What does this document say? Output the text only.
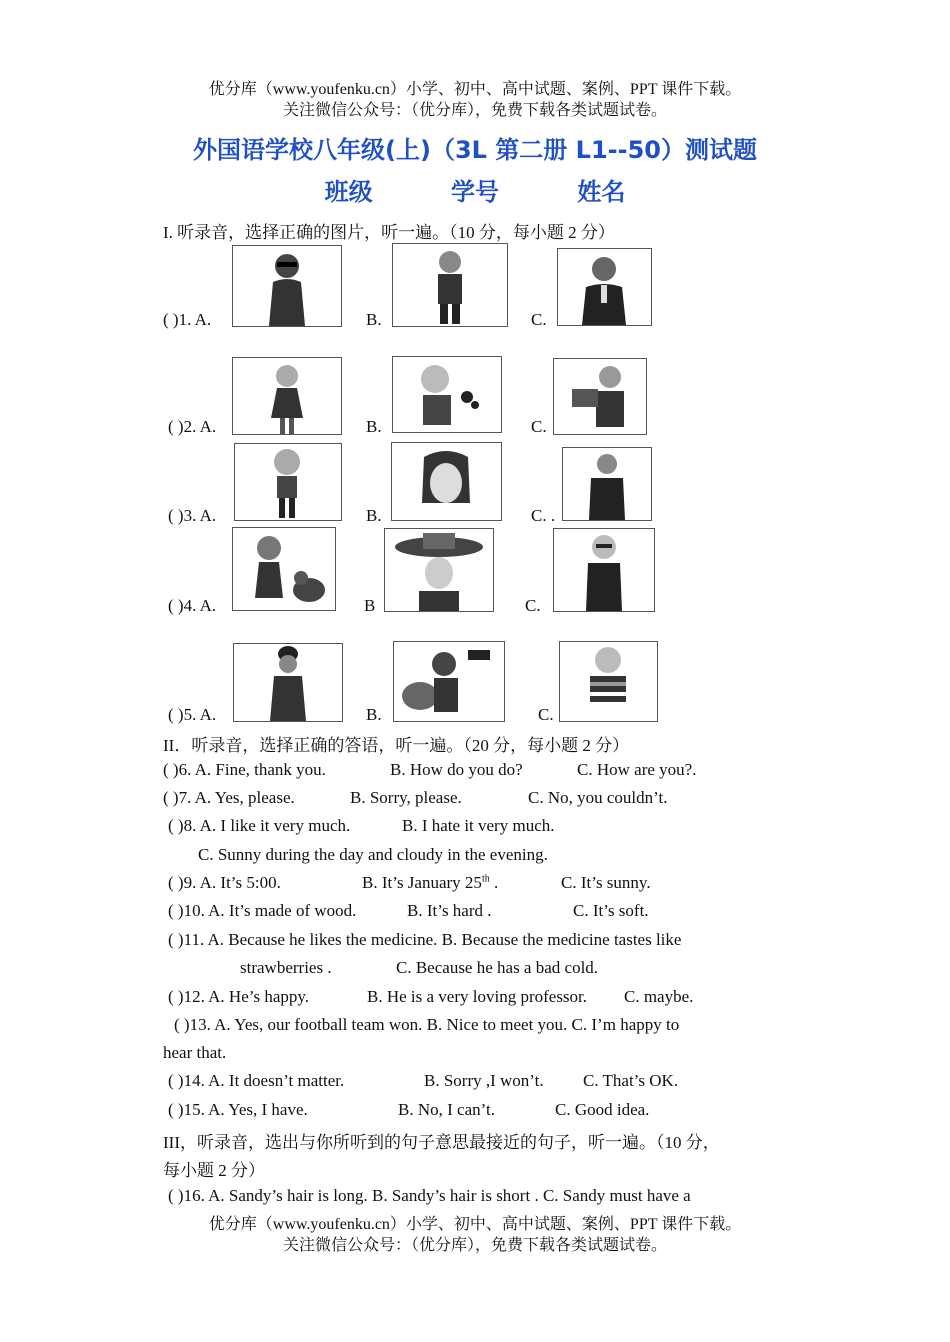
优分库（www.youfenku.cn）小学、初中、高中试题、案例、PPT 课件下载。
关注微信公众号：（优分库），免费下载各类试题试卷。
外国语学校八年级(上)（3L 第二册 L1--50）测试题
班级	学号	姓名
I. 听录音，选择正确的图片，听一遍。（10 分，每小题 2 分）
( )1. A.	B.	C.
( )2. A.	B.	C.
( )3. A.	B.	C. .
( )4. A.	B	C.
( )5. A.	B.	C.
II．听录音，选择正确的答语，听一遍。（20 分，每小题 2 分）
( )6. A. Fine, thank you.	B. How do you do?	C. How are you?.
( )7. A. Yes, please.	B. Sorry, please.	C. No, you couldn’t.
( )8. A. I like it very much.	B. I hate it very much.
C. Sunny during the day and cloudy in the evening.
( )9. A. It’s 5:00.	B. It’s January 25th .	C. It’s sunny.
( )10. A. It’s made of wood.	B. It’s hard .	C. It’s soft.
( )11. A. Because he likes the medicine. B. Because the medicine tastes like
strawberries .	C. Because he has a bad cold.
( )12. A. He’s happy.	B. He is a very loving professor. C. maybe.
( )13. A. Yes, our football team won. B. Nice to meet you. C. I’m happy to
hear that.
( )14. A. It doesn’t matter.	B. Sorry ,I won’t. C. That’s OK.
( )15. A. Yes, I have.	B. No, I can’t.	C. Good idea.
III，听录音，选出与你所听到的句子意思最接近的句子，听一遍。（10 分，
每小题 2 分）
( )16. A. Sandy’s hair is long. B. Sandy’s hair is short . C. Sandy must have a
优分库（www.youfenku.cn）小学、初中、高中试题、案例、PPT 课件下载。
关注微信公众号：（优分库），免费下载各类试题试卷。
